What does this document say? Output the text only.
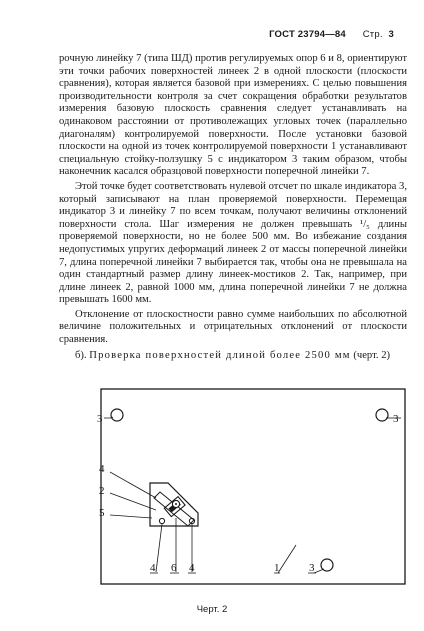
ГОСТ 23794—84 Стр. 3

рочную линейку 7 (типа ШД) против регулируемых опор 6 и 8, ориентируют эти точки рабочих поверхностей линеек 2 в одной плоскости (плоскости сравнения), которая является базовой при измерениях. С целью повышения производительности контроля за счет сокращения обработки результатов измерения базовую плоскость сравнения следует устанавливать на одинаковом расстоянии от противолежащих угловых точек (параллельно диагоналям) контролируемой поверхности. После установки базовой плоскости на одной из точек контролируемой поверхности 1 устанавливают специальную стойку-ползушку 5 с индикатором 3 таким образом, чтобы наконечник касался образцовой поверхности поперечной линейки 7.

Этой точке будет соответствовать нулевой отсчет по шкале индикатора 3, который записывают на план проверяемой поверхности. Перемещая индикатор 3 и линейку 7 по всем точкам, получают величины отклонений поверхности стола. Шаг измерения не должен превышать ¹/₅ длины проверяемой поверхности, но не более 500 мм. Во избежание создания недопустимых упругих деформаций линеек 2 от массы поперечной линейки 7, длина поперечной линейки 7 выбирается так, чтобы она не превышала на один стандартный размер длину линеек-мостиков 2. Так, например, при длине линеек 2, равной 1000 мм, длина поперечной линейки 7 не должна превышать 1600 мм.

Отклонение от плоскостности равно сумме наибольших по абсолютной величине положительных и отрицательных отклонений от плоскости сравнения.

б). Проверка поверхностей длиной более 2500 мм (черт. 2)
3	3
4
2
5
4 6 4	1	3
Черт. 2
